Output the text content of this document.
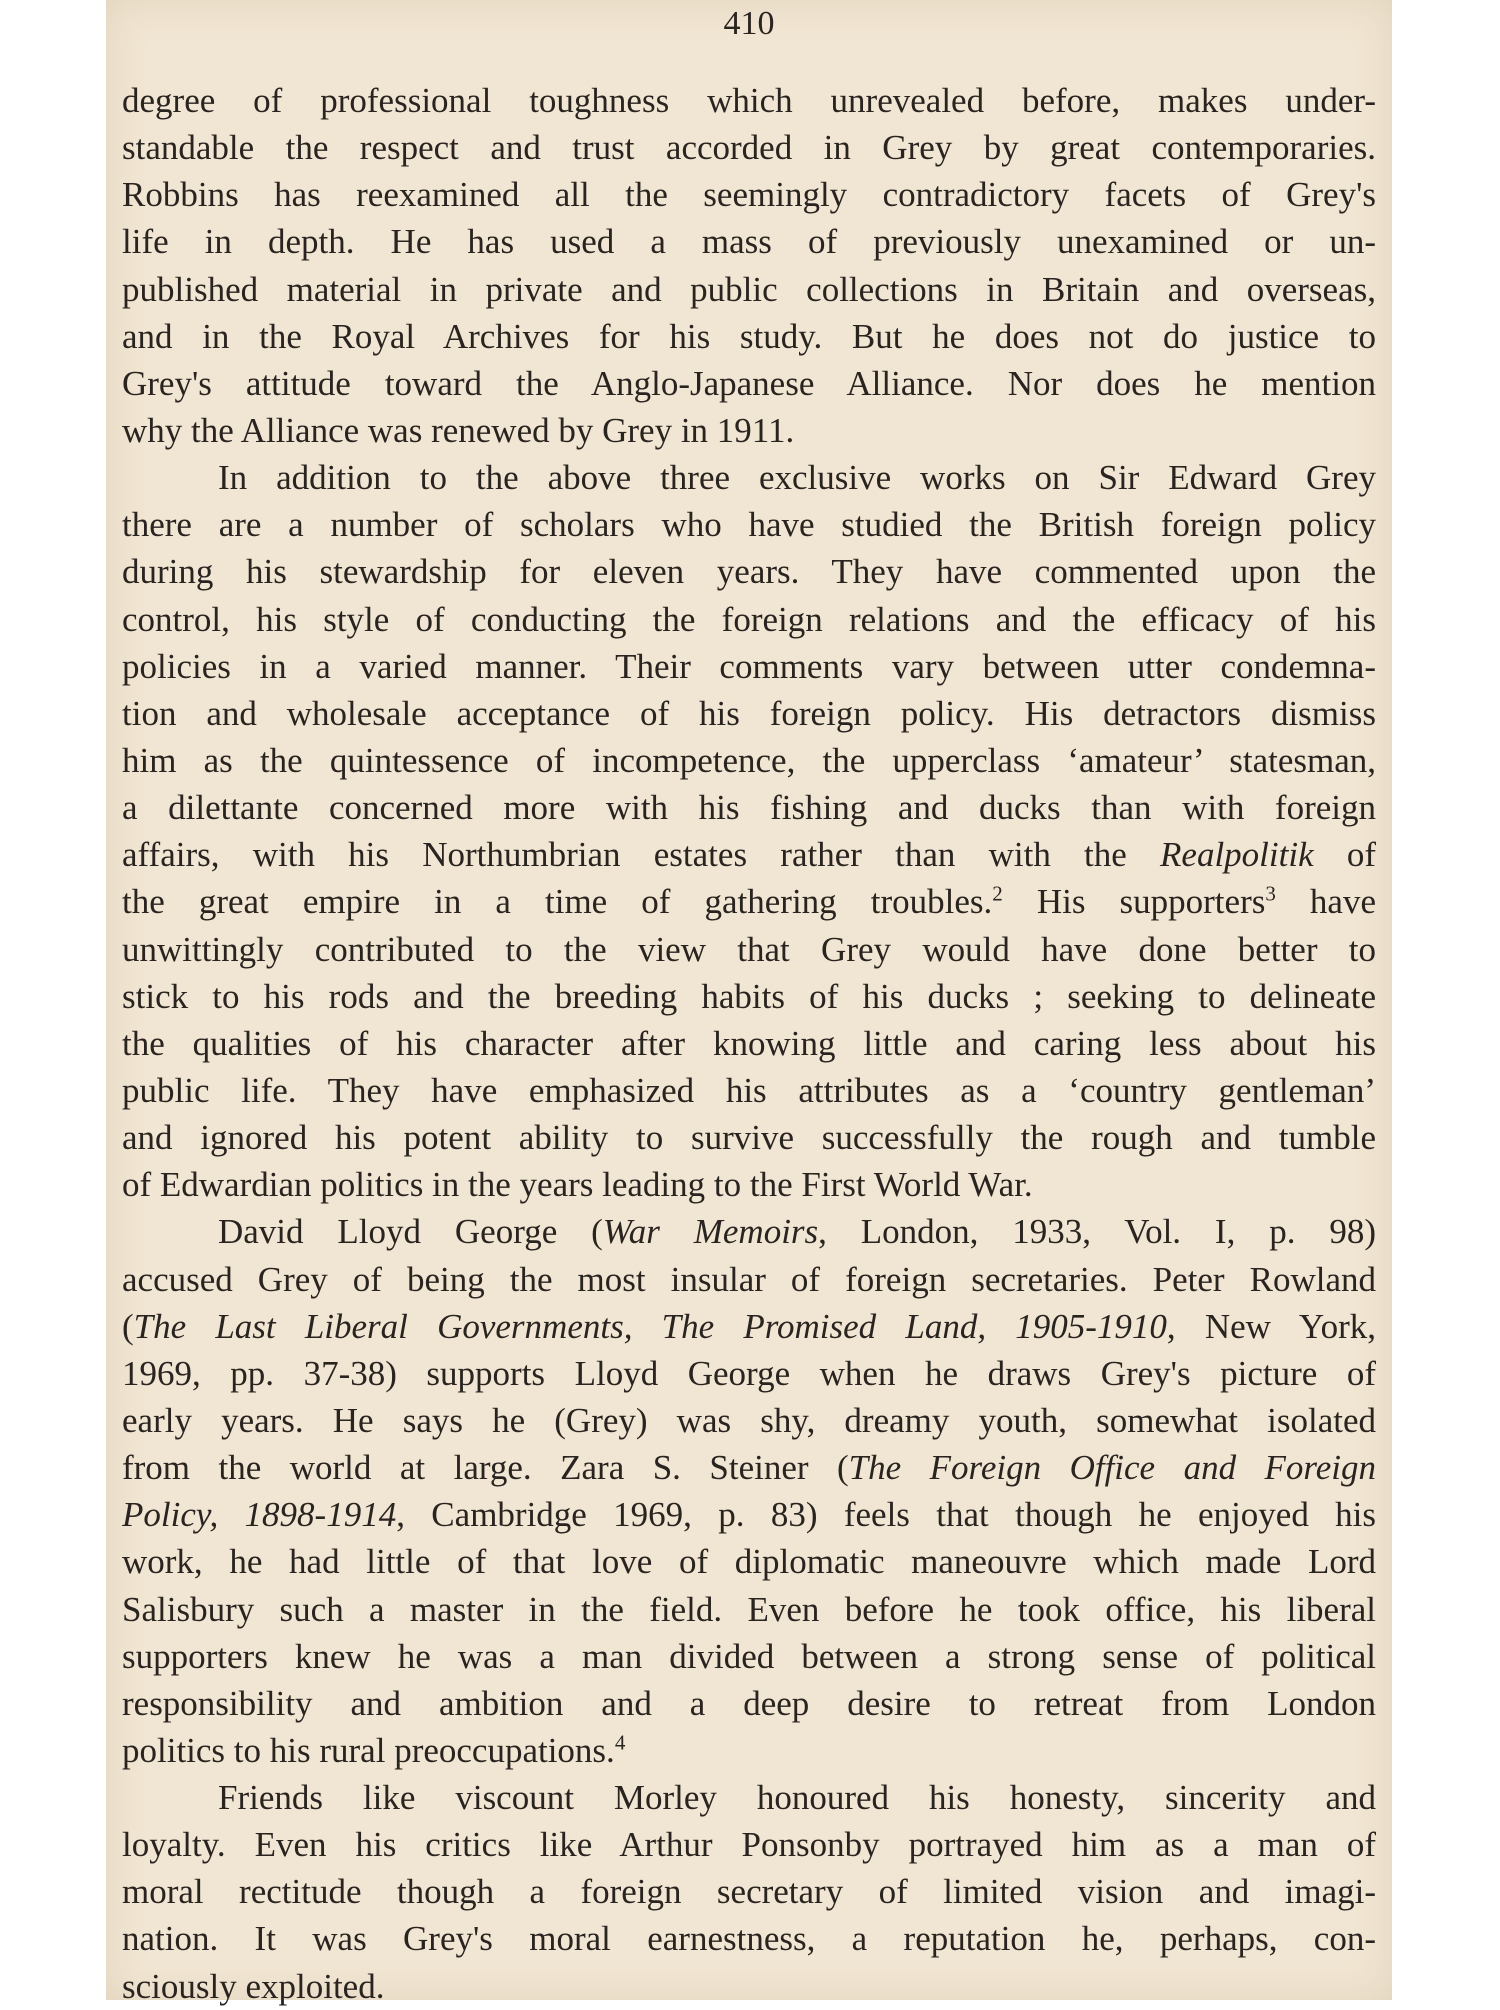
410
degree of professional toughness which unrevealed before, makes under-
standable the respect and trust accorded in Grey by great contemporaries.
Robbins has reexamined all the seemingly contradictory facets of Grey's
life in depth. He has used a mass of previously unexamined or un-
published material in private and public collections in Britain and overseas,
and in the Royal Archives for his study. But he does not do justice to
Grey's attitude toward the Anglo-Japanese Alliance. Nor does he mention
why the Alliance was renewed by Grey in 1911.
In addition to the above three exclusive works on Sir Edward Grey
there are a number of scholars who have studied the British foreign policy
during his stewardship for eleven years. They have commented upon the
control, his style of conducting the foreign relations and the efficacy of his
policies in a varied manner. Their comments vary between utter condemna-
tion and wholesale acceptance of his foreign policy. His detractors dismiss
him as the quintessence of incompetence, the upperclass ‘amateur’ statesman,
a dilettante concerned more with his fishing and ducks than with foreign
affairs, with his Northumbrian estates rather than with the Realpolitik of
the great empire in a time of gathering troubles.$^2$ His supporters$^3$ have
unwittingly contributed to the view that Grey would have done better to
stick to his rods and the breeding habits of his ducks ; seeking to delineate
the qualities of his character after knowing little and caring less about his
public life. They have emphasized his attributes as a ‘country gentleman’
and ignored his potent ability to survive successfully the rough and tumble
of Edwardian politics in the years leading to the First World War.
David Lloyd George (War Memoirs, London, 1933, Vol. I, p. 98)
accused Grey of being the most insular of foreign secretaries. Peter Rowland
(The Last Liberal Governments, The Promised Land, 1905-1910, New York,
1969, pp. 37-38) supports Lloyd George when he draws Grey's picture of
early years. He says he (Grey) was shy, dreamy youth, somewhat isolated
from the world at large. Zara S. Steiner (The Foreign Office and Foreign
Policy, 1898-1914, Cambridge 1969, p. 83) feels that though he enjoyed his
work, he had little of that love of diplomatic maneouvre which made Lord
Salisbury such a master in the field. Even before he took office, his liberal
supporters knew he was a man divided between a strong sense of political
responsibility and ambition and a deep desire to retreat from London
politics to his rural preoccupations.$^4$
Friends like viscount Morley honoured his honesty, sincerity and
loyalty. Even his critics like Arthur Ponsonby portrayed him as a man of
moral rectitude though a foreign secretary of limited vision and imagi-
nation. It was Grey's moral earnestness, a reputation he, perhaps, con-
sciously exploited.
